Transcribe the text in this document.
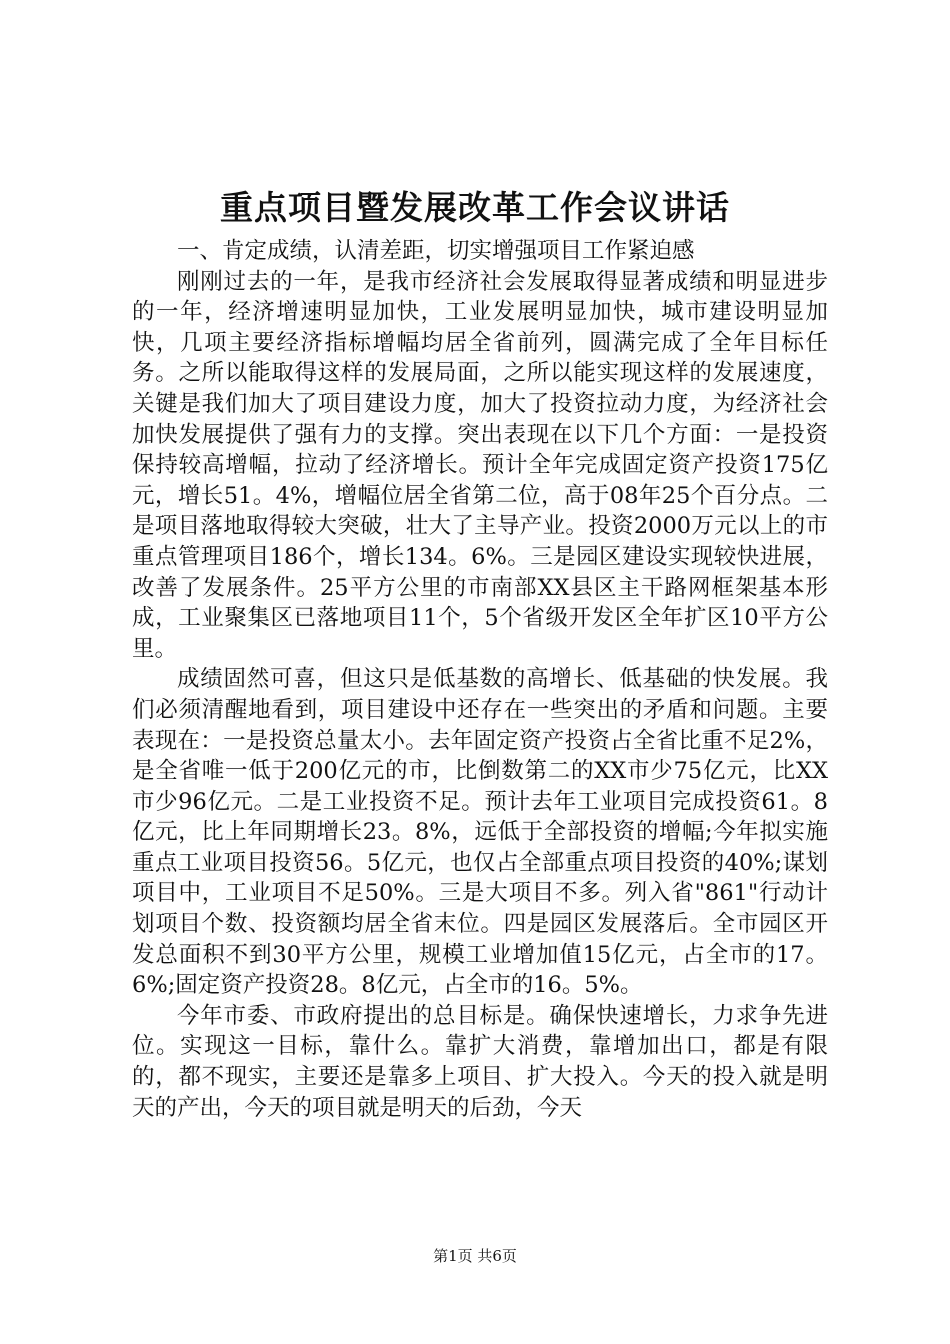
重点项目暨发展改革工作会议讲话

一、肯定成绩，认清差距，切实增强项目工作紧迫感

刚刚过去的一年，是我市经济社会发展取得显著成绩和明显进步的一年，经济增速明显加快，工业发展明显加快，城市建设明显加快，几项主要经济指标增幅均居全省前列，圆满完成了全年目标任务。之所以能取得这样的发展局面，之所以能实现这样的发展速度，关键是我们加大了项目建设力度，加大了投资拉动力度，为经济社会加快发展提供了强有力的支撑。突出表现在以下几个方面：一是投资保持较高增幅，拉动了经济增长。预计全年完成固定资产投资175亿元，增长51。4%，增幅位居全省第二位，高于08年25个百分点。二是项目落地取得较大突破，壮大了主导产业。投资2000万元以上的市重点管理项目186个，增长134。6%。三是园区建设实现较快进展，改善了发展条件。25平方公里的市南部XX县区主干路网框架基本形成，工业聚集区已落地项目11个，5个省级开发区全年扩区10平方公里。

成绩固然可喜，但这只是低基数的高增长、低基础的快发展。我们必须清醒地看到，项目建设中还存在一些突出的矛盾和问题。主要表现在：一是投资总量太小。去年固定资产投资占全省比重不足2%，是全省唯一低于200亿元的市，比倒数第二的XX市少75亿元，比XX市少96亿元。二是工业投资不足。预计去年工业项目完成投资61。8亿元，比上年同期增长23。8%，远低于全部投资的增幅;今年拟实施重点工业项目投资56。5亿元，也仅占全部重点项目投资的40%;谋划项目中，工业项目不足50%。三是大项目不多。列入省"861"行动计划项目个数、投资额均居全省末位。四是园区发展落后。全市园区开发总面积不到30平方公里，规模工业增加值15亿元，占全市的17。6%;固定资产投资28。8亿元，占全市的16。5%。

今年市委、市政府提出的总目标是。确保快速增长，力求争先进位。实现这一目标，靠什么。靠扩大消费，靠增加出口，都是有限的，都不现实，主要还是靠多上项目、扩大投入。今天的投入就是明天的产出，今天的项目就是明天的后劲，今天

第1页 共6页
